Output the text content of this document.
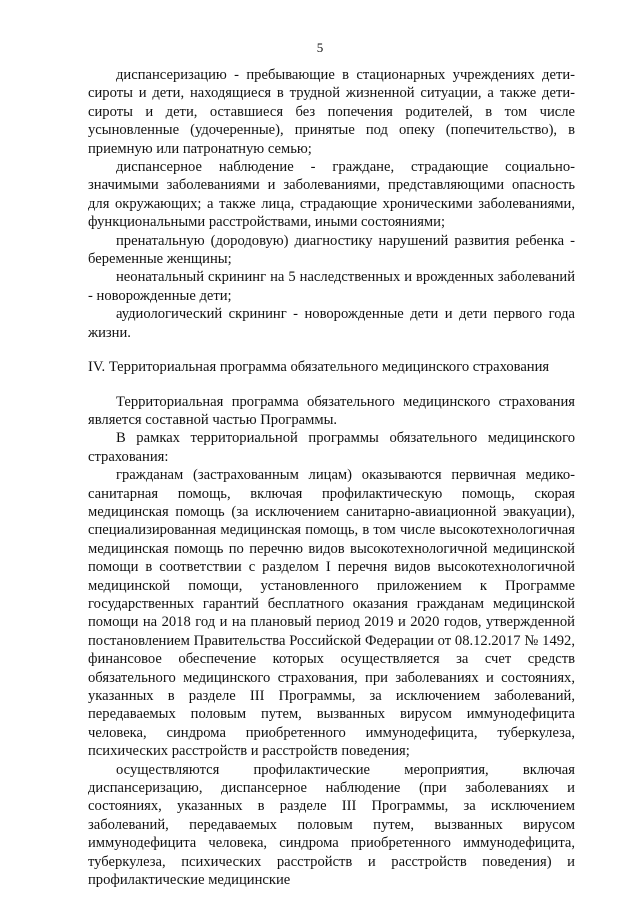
5

диспансеризацию - пребывающие в стационарных учреждениях дети-сироты и дети, находящиеся в трудной жизненной ситуации, а также дети-сироты и дети, оставшиеся без попечения родителей, в том числе усыновленные (удочеренные), принятые под опеку (попечительство), в приемную или патронатную семью;

диспансерное наблюдение - граждане, страдающие социально-значимыми заболеваниями и заболеваниями, представляющими опасность для окружающих; а также лица, страдающие хроническими заболеваниями, функциональными расстройствами, иными состояниями;

пренатальную (дородовую) диагностику нарушений развития ребенка - беременные женщины;

неонатальный скрининг на 5 наследственных и врожденных заболеваний - новорожденные дети;

аудиологический скрининг - новорожденные дети и дети первого года жизни.

IV. Территориальная программа обязательного медицинского страхования

Территориальная программа обязательного медицинского страхования является составной частью Программы.

В рамках территориальной программы обязательного медицинского страхования:

гражданам (застрахованным лицам) оказываются первичная медико-санитарная помощь, включая профилактическую помощь, скорая медицинская помощь (за исключением санитарно-авиационной эвакуации), специализированная медицинская помощь, в том числе высокотехнологичная медицинская помощь по перечню видов высокотехнологичной медицинской помощи в соответствии с разделом I перечня видов высокотехнологичной медицинской помощи, установленного приложением к Программе государственных гарантий бесплатного оказания гражданам медицинской помощи на 2018 год и на плановый период 2019 и 2020 годов, утвержденной постановлением Правительства Российской Федерации от 08.12.2017 № 1492, финансовое обеспечение которых осуществляется за счет средств обязательного медицинского страхования, при заболеваниях и состояниях, указанных в разделе III Программы, за исключением заболеваний, передаваемых половым путем, вызванных вирусом иммунодефицита человека, синдрома приобретенного иммунодефицита, туберкулеза, психических расстройств и расстройств поведения;

осуществляются профилактические мероприятия, включая диспансеризацию, диспансерное наблюдение (при заболеваниях и состояниях, указанных в разделе III Программы, за исключением заболеваний, передаваемых половым путем, вызванных вирусом иммунодефицита человека, синдрома приобретенного иммунодефицита, туберкулеза, психических расстройств и расстройств поведения) и профилактические медицинские
